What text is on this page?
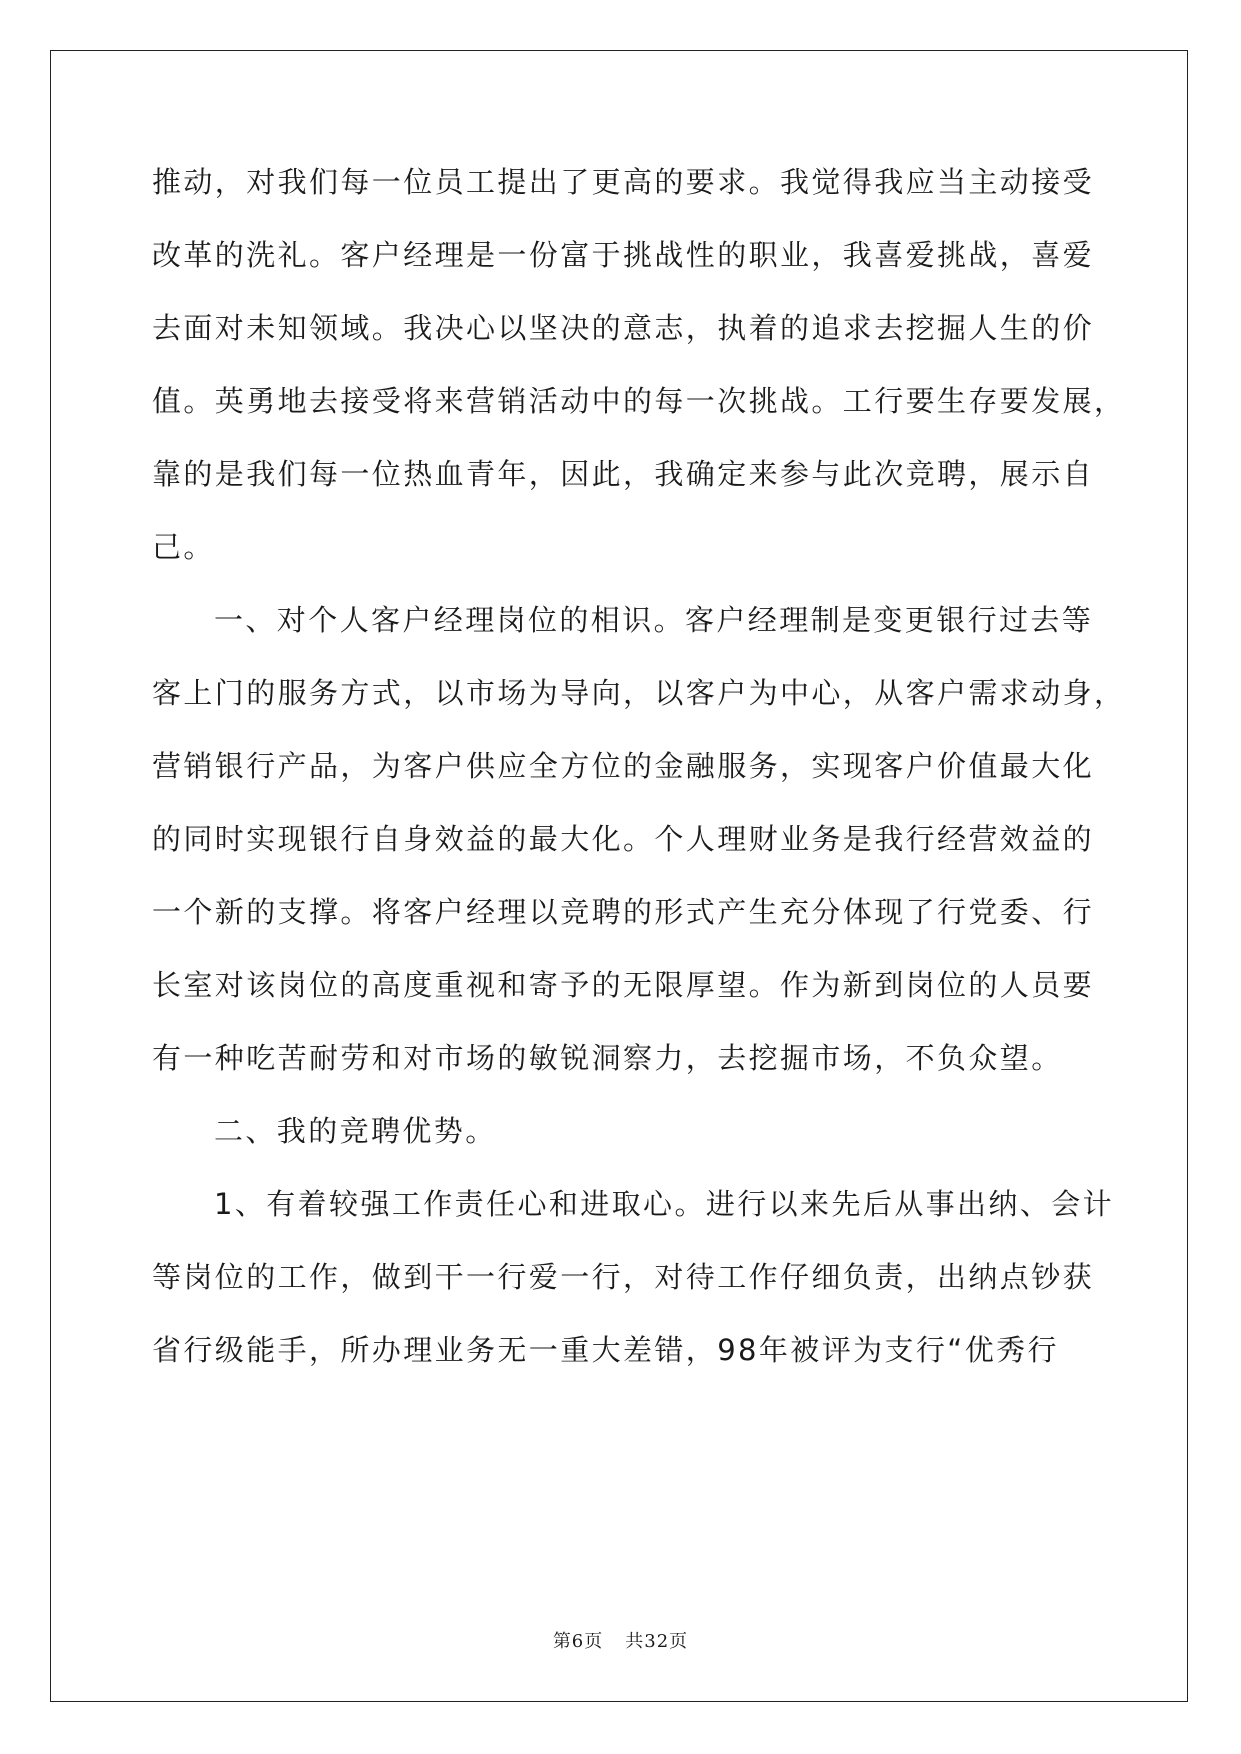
推动，对我们每一位员工提出了更高的要求。我觉得我应当主动接受
改革的洗礼。客户经理是一份富于挑战性的职业，我喜爱挑战，喜爱
去面对未知领域。我决心以坚决的意志，执着的追求去挖掘人生的价
值。英勇地去接受将来营销活动中的每一次挑战。工行要生存要发展，
靠的是我们每一位热血青年，因此，我确定来参与此次竞聘，展示自
己。
一、对个人客户经理岗位的相识。客户经理制是变更银行过去等
客上门的服务方式，以市场为导向，以客户为中心，从客户需求动身，
营销银行产品，为客户供应全方位的金融服务，实现客户价值最大化
的同时实现银行自身效益的最大化。个人理财业务是我行经营效益的
一个新的支撑。将客户经理以竞聘的形式产生充分体现了行党委、行
长室对该岗位的高度重视和寄予的无限厚望。作为新到岗位的人员要
有一种吃苦耐劳和对市场的敏锐洞察力，去挖掘市场，不负众望。
二、我的竞聘优势。
1、有着较强工作责任心和进取心。进行以来先后从事出纳、会计
等岗位的工作，做到干一行爱一行，对待工作仔细负责，出纳点钞获
省行级能手，所办理业务无一重大差错，98年被评为支行“优秀行
第6页 共32页
